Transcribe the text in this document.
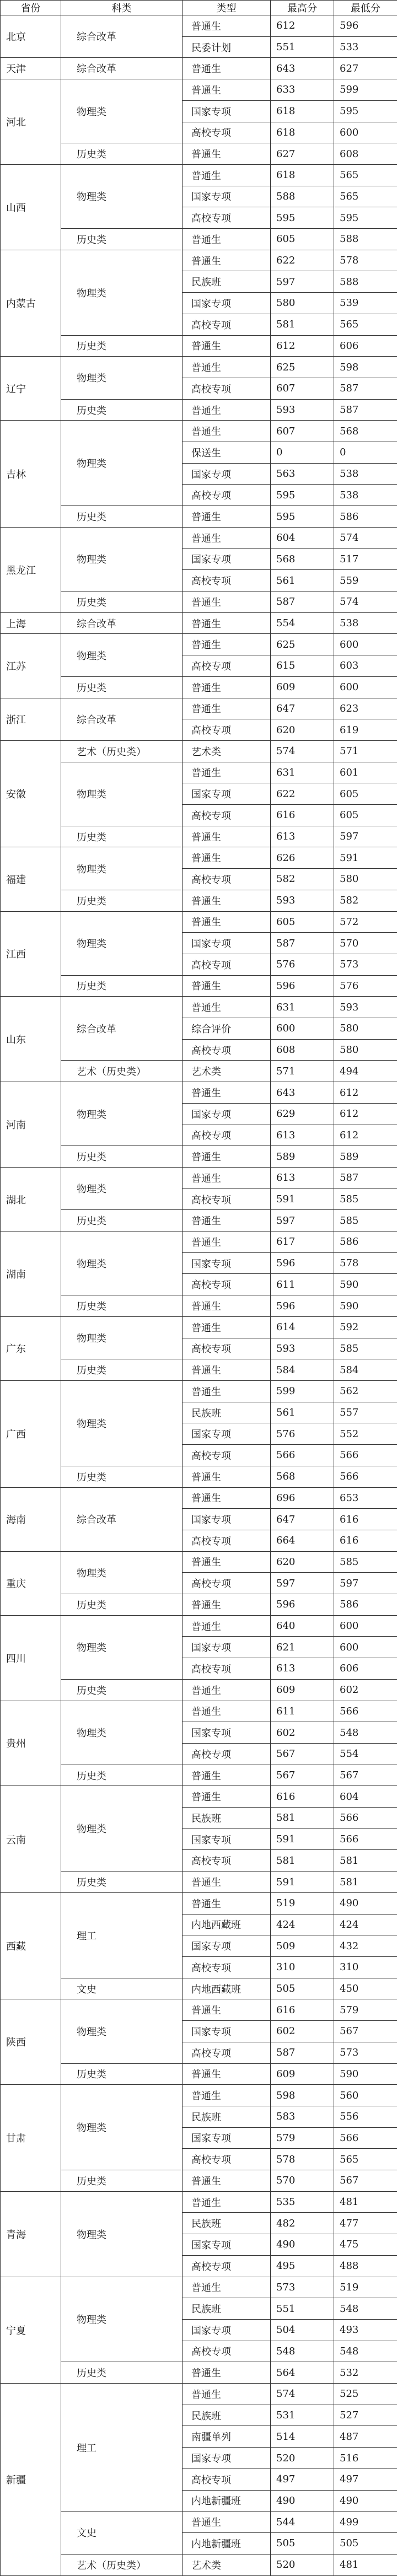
省份	科类	类型	最高分	最低分
北京	综合改革	普通生	612	596
		民委计划	551	533
天津	综合改革	普通生	643	627
河北	物理类	普通生	633	599
		国家专项	618	595
		高校专项	618	600
	历史类	普通生	627	608
山西	物理类	普通生	618	565
		国家专项	588	565
		高校专项	595	595
	历史类	普通生	605	588
内蒙古	物理类	普通生	622	578
		民族班	597	588
		国家专项	580	539
		高校专项	581	565
	历史类	普通生	612	606
辽宁	物理类	普通生	625	598
		高校专项	607	587
	历史类	普通生	593	587
吉林	物理类	普通生	607	568
		保送生	0	0
		国家专项	563	538
		高校专项	595	538
	历史类	普通生	595	586
黑龙江	物理类	普通生	604	574
		国家专项	568	517
		高校专项	561	559
	历史类	普通生	587	574
上海	综合改革	普通生	554	538
江苏	物理类	普通生	625	600
		高校专项	615	603
	历史类	普通生	609	600
浙江	综合改革	普通生	647	623
		高校专项	620	619
安徽	艺术（历史类）	艺术类	574	571
	物理类	普通生	631	601
		国家专项	622	605
		高校专项	616	605
	历史类	普通生	613	597
福建	物理类	普通生	626	591
		高校专项	582	580
	历史类	普通生	593	582
江西	物理类	普通生	605	572
		国家专项	587	570
		高校专项	576	573
	历史类	普通生	596	576
山东	综合改革	普通生	631	593
		综合评价	600	580
		高校专项	608	580
	艺术（历史类）	艺术类	571	494
河南	物理类	普通生	643	612
		国家专项	629	612
		高校专项	613	612
	历史类	普通生	589	589
湖北	物理类	普通生	613	587
		高校专项	591	585
	历史类	普通生	597	585
湖南	物理类	普通生	617	586
		国家专项	596	578
		高校专项	611	590
	历史类	普通生	596	590
广东	物理类	普通生	614	592
		高校专项	593	585
	历史类	普通生	584	584
广西	物理类	普通生	599	562
		民族班	561	557
		国家专项	576	552
		高校专项	566	566
	历史类	普通生	568	566
海南	综合改革	普通生	696	653
		国家专项	647	616
		高校专项	664	616
重庆	物理类	普通生	620	585
		高校专项	597	597
	历史类	普通生	596	586
四川	物理类	普通生	640	600
		国家专项	621	600
		高校专项	613	606
	历史类	普通生	609	602
贵州	物理类	普通生	611	566
		国家专项	602	548
		高校专项	567	554
	历史类	普通生	567	567
云南	物理类	普通生	616	604
		民族班	581	566
		国家专项	591	566
		高校专项	581	581
	历史类	普通生	591	581
西藏	理工	普通生	519	490
		内地西藏班	424	424
		国家专项	509	432
		高校专项	310	310
	文史	内地西藏班	505	450
陕西	物理类	普通生	616	579
		国家专项	602	567
		高校专项	587	573
	历史类	普通生	609	590
甘肃	物理类	普通生	598	560
		民族班	583	556
		国家专项	579	566
		高校专项	578	565
	历史类	普通生	570	567
青海	物理类	普通生	535	481
		民族班	482	477
		国家专项	490	475
		高校专项	495	488
宁夏	物理类	普通生	573	519
		民族班	551	548
		国家专项	504	493
		高校专项	548	548
	历史类	普通生	564	532
新疆	理工	普通生	574	525
		民族班	531	527
		南疆单列	514	487
		国家专项	520	516
		高校专项	497	497
		内地新疆班	490	490
	文史	普通生	544	499
		内地新疆班	505	505
	艺术（历史类）	艺术类	520	481
